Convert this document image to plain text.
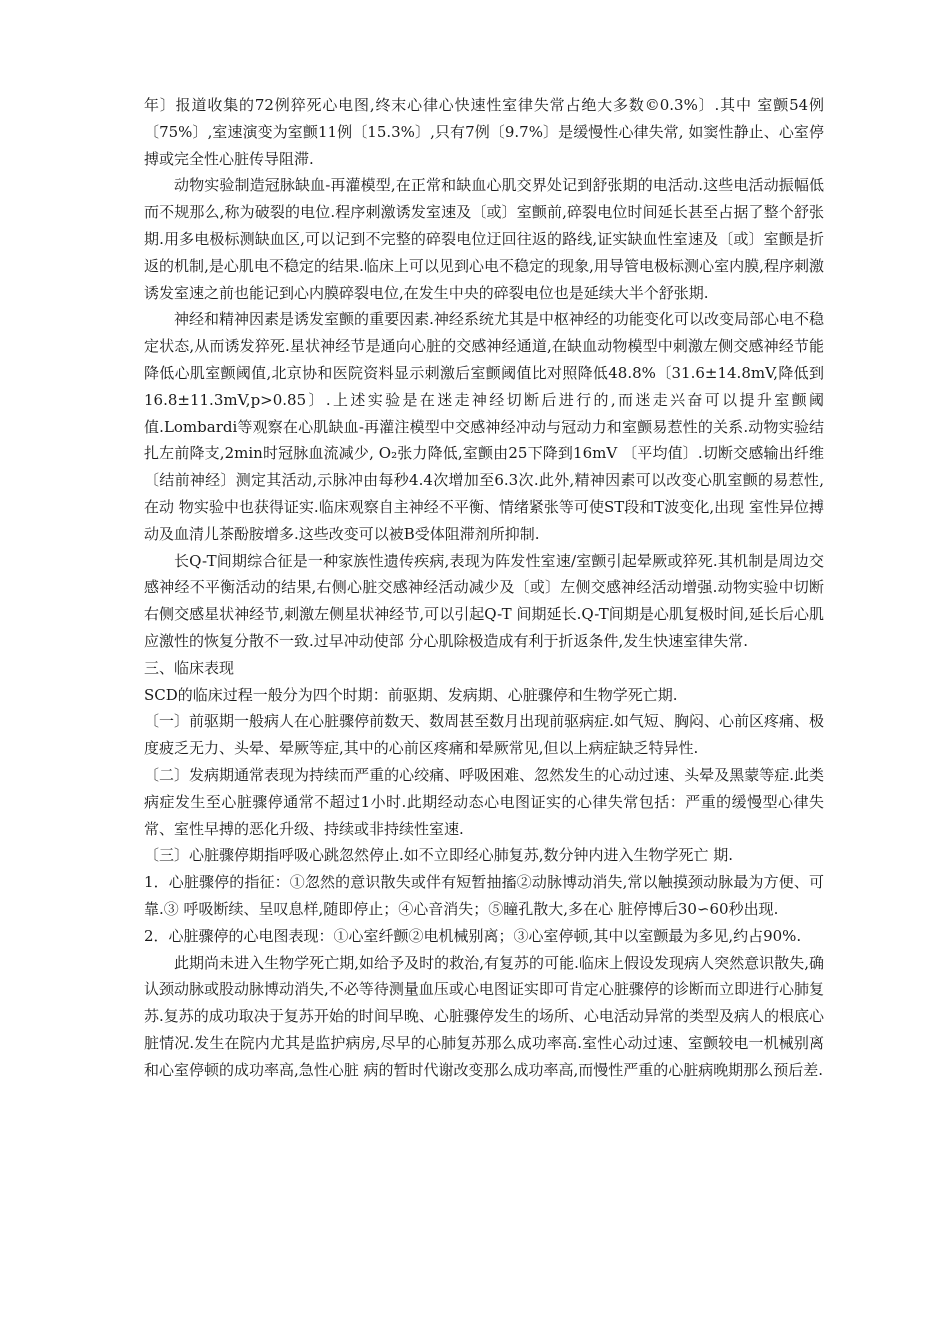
年〕报道收集的72例猝死心电图,终末心律心快速性室律失常占绝大多数©0.3%〕.其中 室颤54例〔75%〕,室速演变为室颤11例〔15.3%〕,只有7例〔9.7%〕是缓慢性心律失常, 如窦性静止、心室停搏或完全性心脏传导阻滞.

动物实验制造冠脉缺血-再灌模型,在正常和缺血心肌交界处记到舒张期的电活动.这些电活动振幅低而不规那么,称为破裂的电位.程序刺激诱发室速及〔或〕室颤前,碎裂电位时间延长甚至占据了整个舒张期.用多电极标测缺血区,可以记到不完整的碎裂电位迂回往返的路线,证实缺血性室速及〔或〕室颤是折返的机制,是心肌电不稳定的结果.临床上可以见到心电不稳定的现象,用导管电极标测心室内膜,程序刺激诱发室速之前也能记到心内膜碎裂电位,在发生中央的碎裂电位也是延续大半个舒张期.

神经和精神因素是诱发室颤的重要因素.神经系统尤其是中枢神经的功能变化可以改变局部心电不稳定状态,从而诱发猝死.星状神经节是通向心脏的交感神经通道,在缺血动物模型中刺激左侧交感神经节能降低心肌室颤阈值,北京协和医院资料显示刺激后室颤阈值比对照降低48.8%〔31.6±14.8mV,降低到16.8±11.3mV,p>0.85〕.上述实验是在迷走神经切断后进行的,而迷走兴奋可以提升室颤阈值.Lombardi等观察在心肌缺血-再灌注模型中交感神经冲动与冠动力和室颤易惹性的关系.动物实验结扎左前降支,2min时冠脉血流减少, O₂张力降低,室颤由25下降到16mV 〔平均值〕.切断交感输出纤维〔结前神经〕测定其活动,示脉冲由每秒4.4次增加至6.3次.此外,精神因素可以改变心肌室颤的易惹性,在动 物实验中也获得证实.临床观察自主神经不平衡、情绪紧张等可使ST段和T波变化,出现 室性异位搏动及血清儿茶酚胺增多.这些改变可以被B受体阻滞剂所抑制.

长Q-T间期综合征是一种家族性遗传疾病,表现为阵发性室速/室颤引起晕厥或猝死.其机制是周边交感神经不平衡活动的结果,右侧心脏交感神经活动减少及〔或〕左侧交感神经活动增强.动物实验中切断右侧交感星状神经节,刺激左侧星状神经节,可以引起Q-T 间期延长.Q-T间期是心肌复极时间,延长后心肌应激性的恢复分散不一致.过早冲动使部 分心肌除极造成有利于折返条件,发生快速室律失常.

三、临床表现

SCD的临床过程一般分为四个时期：前驱期、发病期、心脏骤停和生物学死亡期.

〔一〕前驱期一般病人在心脏骤停前数天、数周甚至数月出现前驱病症.如气短、胸闷、心前区疼痛、极度疲乏无力、头晕、晕厥等症,其中的心前区疼痛和晕厥常见,但以上病症缺乏特异性.

〔二〕发病期通常表现为持续而严重的心绞痛、呼吸困难、忽然发生的心动过速、头晕及黑蒙等症.此类病症发生至心脏骤停通常不超过1小时.此期经动态心电图证实的心律失常包括：严重的缓慢型心律失常、室性早搏的恶化升级、持续或非持续性室速.

〔三〕心脏骤停期指呼吸心跳忽然停止.如不立即经心肺复苏,数分钟内进入生物学死亡 期.

1．心脏骤停的指征：①忽然的意识散失或伴有短暂抽搐②动脉博动消失,常以触摸颈动脉最为方便、可靠.③ 呼吸断续、呈叹息样,随即停止；④心音消失；⑤瞳孔散大,多在心 脏停博后30∽60秒出现.

2．心脏骤停的心电图表现：①心室纤颤②电机械别离；③心室停顿,其中以室颤最为多见,约占90%.

此期尚未进入生物学死亡期,如给予及时的救治,有复苏的可能.临床上假设发现病人突然意识散失,确认颈动脉或股动脉博动消失,不必等待测量血压或心电图证实即可肯定心脏骤停的诊断而立即进行心肺复苏.复苏的成功取决于复苏开始的时间早晚、心脏骤停发生的场所、心电活动异常的类型及病人的根底心脏情况.发生在院内尤其是监护病房,尽早的心肺复苏那么成功率高.室性心动过速、室颤较电一机械别离和心室停顿的成功率高,急性心脏 病的暂时代谢改变那么成功率高,而慢性严重的心脏病晚期那么预后差.
